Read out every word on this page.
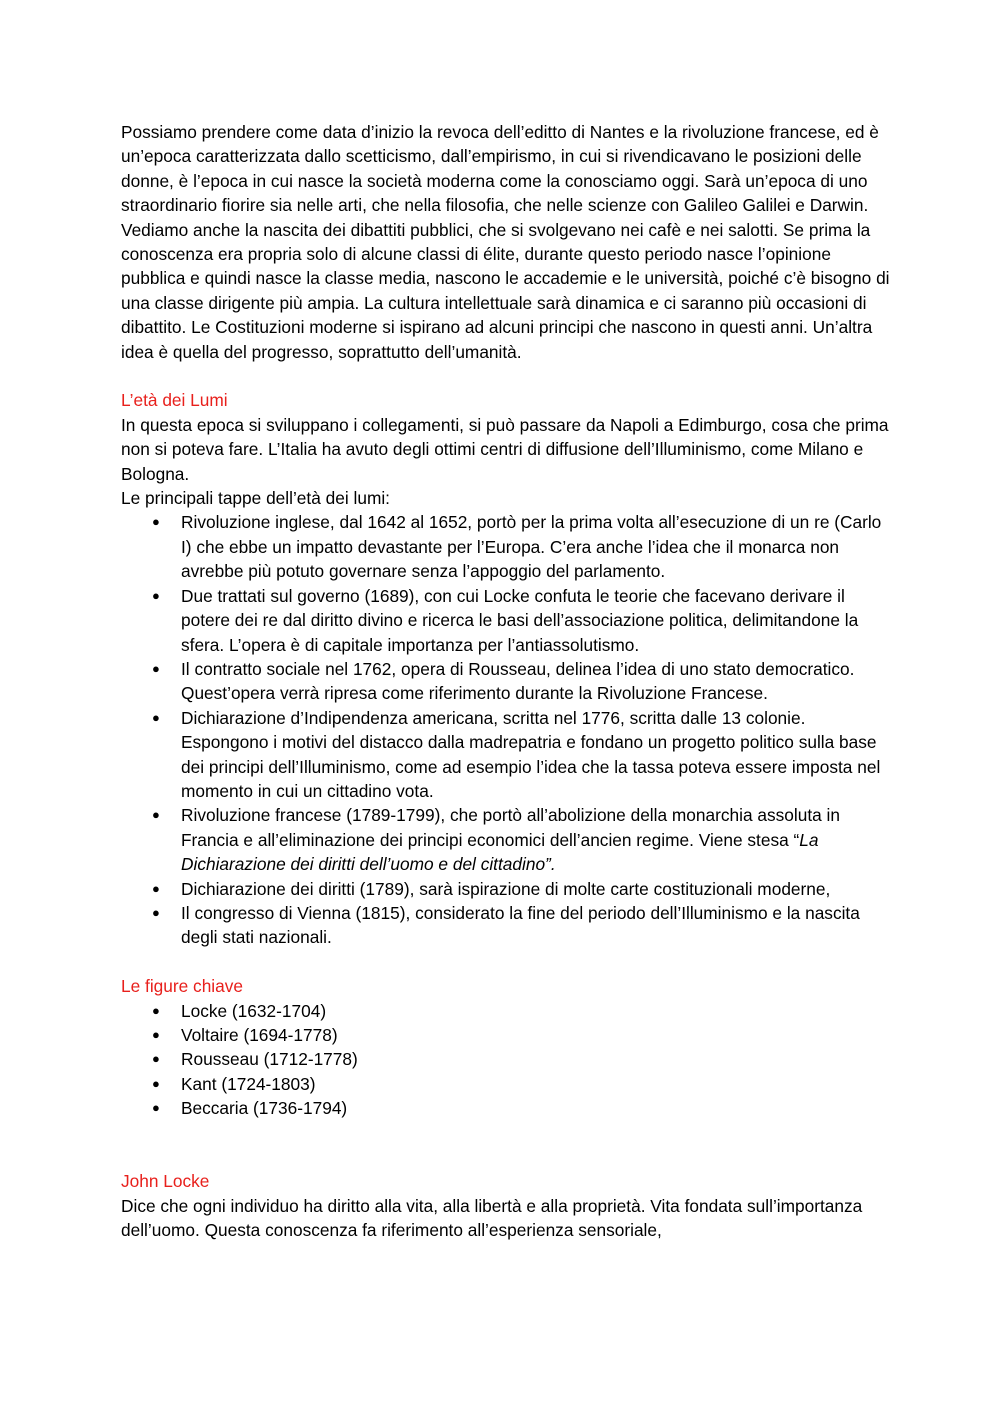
Possiamo prendere come data d’inizio la revoca dell’editto di Nantes e la rivoluzione francese, ed è un’epoca caratterizzata dallo scetticismo, dall’empirismo, in cui si rivendicavano le posizioni delle donne, è l’epoca in cui nasce la società moderna come la conosciamo oggi. Sarà un’epoca di uno straordinario fiorire sia nelle arti, che nella filosofia, che nelle scienze con Galileo Galilei e Darwin. Vediamo anche la nascita dei dibattiti pubblici, che si svolgevano nei cafè e nei salotti. Se prima la conoscenza era propria solo di alcune classi di élite, durante questo periodo nasce l’opinione pubblica e quindi nasce la classe media, nascono le accademie e le università, poiché c’è bisogno di una classe dirigente più ampia. La cultura intellettuale sarà dinamica e ci saranno più occasioni di dibattito. Le Costituzioni moderne si ispirano ad alcuni principi che nascono in questi anni. Un’altra idea è quella del progresso, soprattutto dell’umanità.

L’età dei Lumi

In questa epoca si sviluppano i collegamenti, si può passare da Napoli a Edimburgo, cosa che prima non si poteva fare. L’Italia ha avuto degli ottimi centri di diffusione dell’Illuminismo, come Milano e Bologna.

Le principali tappe dell’età dei lumi:

● Rivoluzione inglese, dal 1642 al 1652, portò per la prima volta all’esecuzione di un re (Carlo I) che ebbe un impatto devastante per l’Europa. C’era anche l’idea che il monarca non avrebbe più potuto governare senza l’appoggio del parlamento.
● Due trattati sul governo (1689), con cui Locke confuta le teorie che facevano derivare il potere dei re dal diritto divino e ricerca le basi dell’associazione politica, delimitandone la sfera. L’opera è di capitale importanza per l’antiassolutismo.
● Il contratto sociale nel 1762, opera di Rousseau, delinea l’idea di uno stato democratico. Quest’opera verrà ripresa come riferimento durante la Rivoluzione Francese.
● Dichiarazione d’Indipendenza americana, scritta nel 1776, scritta dalle 13 colonie. Espongono i motivi del distacco dalla madrepatria e fondano un progetto politico sulla base dei principi dell’Illuminismo, come ad esempio l’idea che la tassa poteva essere imposta nel momento in cui un cittadino vota.
● Rivoluzione francese (1789-1799), che portò all’abolizione della monarchia assoluta in Francia e all’eliminazione dei principi economici dell’ancien regime. Viene stesa “La Dichiarazione dei diritti dell’uomo e del cittadino”.
● Dichiarazione dei diritti (1789), sarà ispirazione di molte carte costituzionali moderne,
● Il congresso di Vienna (1815), considerato la fine del periodo dell’Illuminismo e la nascita degli stati nazionali.
Le figure chiave
● Locke (1632-1704)
● Voltaire (1694-1778)
● Rousseau (1712-1778)
● Kant (1724-1803)
● Beccaria (1736-1794)
John Locke

Dice che ogni individuo ha diritto alla vita, alla libertà e alla proprietà. Vita fondata sull’importanza dell’uomo. Questa conoscenza fa riferimento all’esperienza sensoriale,
